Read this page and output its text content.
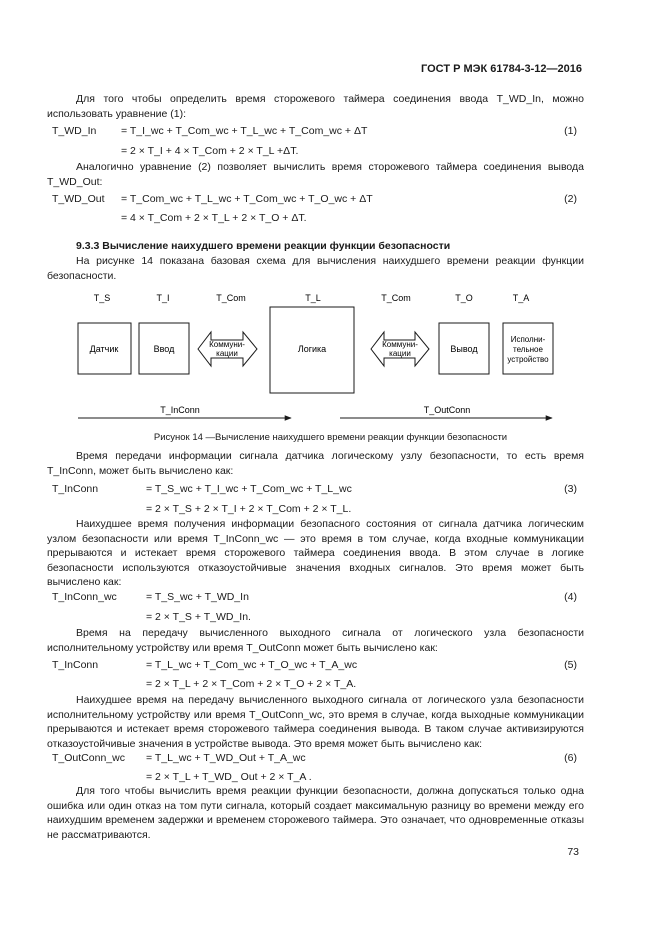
ГОСТ Р МЭК 61784-3-12—2016

Для того чтобы определить время сторожевого таймера соединения ввода T_WD_In, можно использовать уравнение (1):

T_WD_In = T_I_wc + T_Com_wc + T_L_wc + T_Com_wc + ΔT	(1)
= 2 × T_I + 4 × T_Com + 2 × T_L +ΔT.

Аналогично уравнение (2) позволяет вычислить время сторожевого таймера соединения вывода T_WD_Out:

T_WD_Out = T_Com_wc + T_L_wc + T_Com_wc + T_O_wc + ΔT	(2)
= 4 × T_Com + 2 × T_L + 2 × T_O + ΔT.
9.3.3 Вычисление наихудшего времени реакции функции безопасности

На рисунке 14 показана базовая схема для вычисления наихудшего времени реакции функции безопасности.

T_S	T_I	T_Com	T_L	T_Com	T_O	T_A
Датчик	Ввод	Коммуни-
кации	Логика	Коммуни-
кации	Вывод
Исполни-
тельное
устройство
T_InConn	T_OutConn
Рисунок 14 —Вычисление наихудшего времени реакции функции безопасности

Время передачи информации сигнала датчика логическому узлу безопасности, то есть время T_InConn, может быть вычислено как:

T_InConn	= T_S_wc + T_I_wc + T_Com_wc + T_L_wc	(3)
= 2 × T_S + 2 × T_I + 2 × T_Com + 2 × T_L.

Наихудшее время получения информации безопасного состояния от сигнала датчика логическим узлом безопасности или время T_InConn_wc — это время в том случае, когда входные коммуникации прерываются и истекает время сторожевого таймера соединения ввода. В этом случае в логике безопасности используются отказоустойчивые значения входных сигналов. Это время может быть вычислено как:

T_InConn_wc	= T_S_wc + T_WD_In	(4)
= 2 × T_S + T_WD_In.

Время на передачу вычисленного выходного сигнала от логического узла безопасности исполнительному устройству или время T_OutConn может быть вычислено как:

T_InConn	= T_L_wc + T_Com_wc + T_O_wc + T_A_wc	(5)
= 2 × T_L + 2 × T_Com + 2 × T_O + 2 × T_A.

Наихудшее время на передачу вычисленного выходного сигнала от логического узла безопасности исполнительному устройству или время T_OutConn_wc, это время в случае, когда выходные коммуникации прерываются и истекает время сторожевого таймера соединения вывода. В таком случае активизируются отказоустойчивые значения в устройстве вывода. Это время может быть вычислено как:

T_OutConn_wc = T_L_wc + T_WD_Out + T_A_wc	(6)
= 2 × T_L + T_WD_ Out + 2 × T_A .

Для того чтобы вычислить время реакции функции безопасности, должна допускаться только одна ошибка или один отказ на том пути сигнала, который создает максимальную разницу во времени между его наихудшим временем задержки и временем сторожевого таймера. Это означает, что одновременные отказы не рассматриваются.

73
